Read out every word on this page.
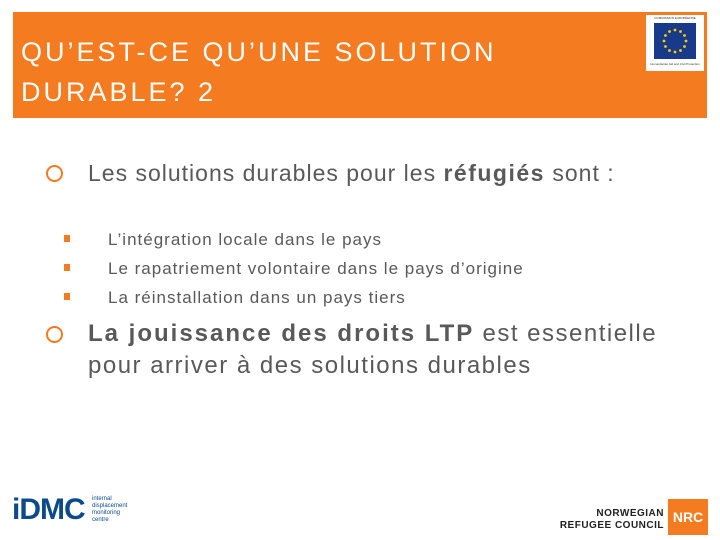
QU’EST-CE QU’UNE SOLUTION
DURABLE? 2
COMMISSION EUROPÉENNE
Humanitarian Aid and Civil Protection
Les solutions durables pour les réfugiés sont :
L’intégration locale dans le pays
Le rapatriement volontaire dans le pays d’origine
La réinstallation dans un pays tiers
La jouissance des droits LTP est essentielle pour arriver à des solutions durables
iDMC internal
displacement
monitoring
centre
NORWEGIAN
REFUGEE COUNCIL
NRC
